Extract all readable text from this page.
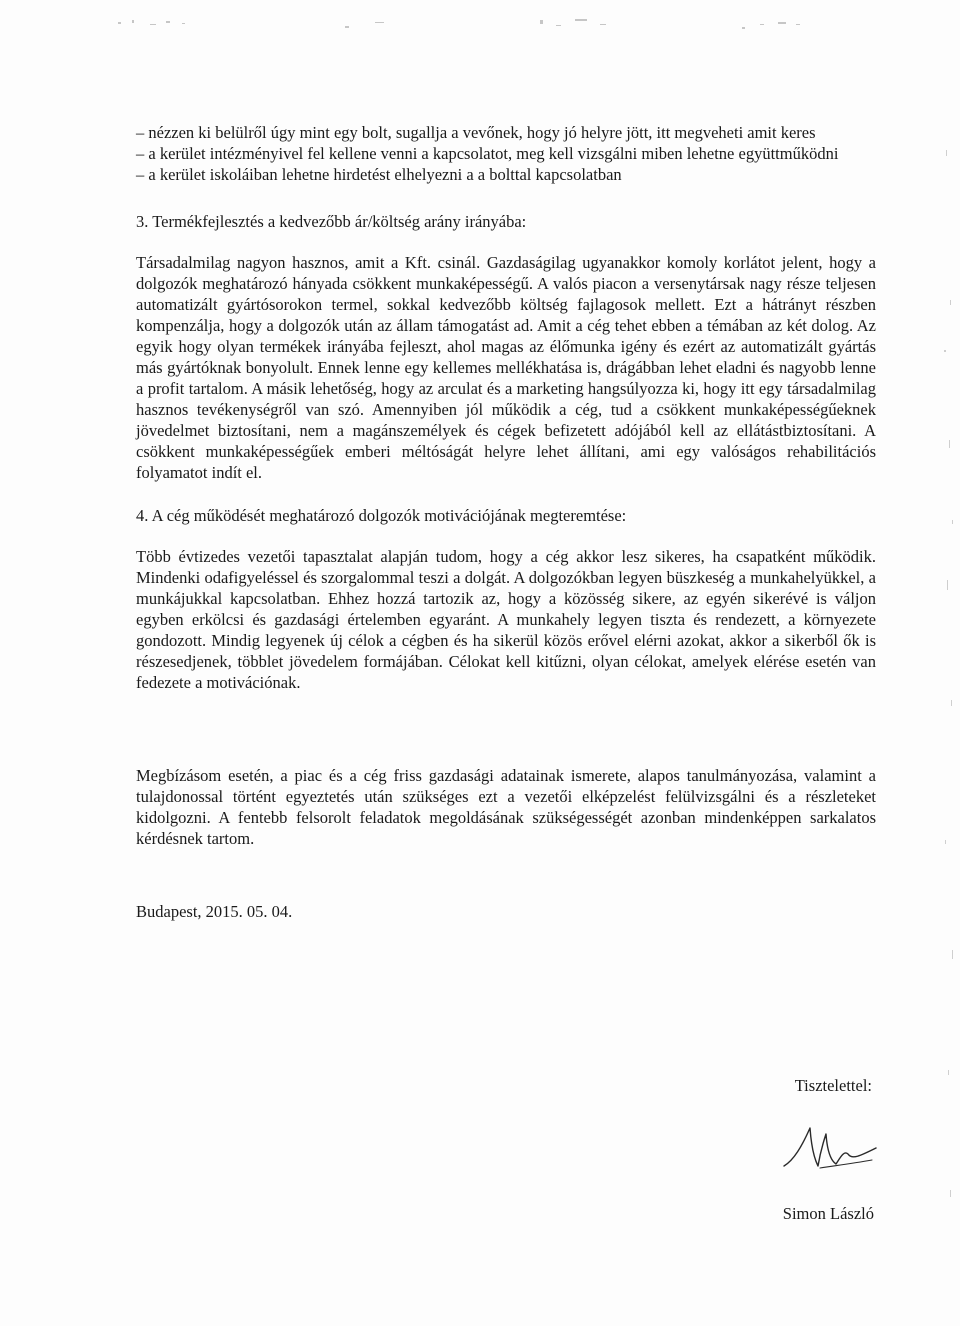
– nézzen ki belülről úgy mint egy bolt, sugallja a vevőnek, hogy jó helyre jött, itt megveheti amit keres

– a kerület intézményivel fel kellene venni a kapcsolatot, meg kell vizsgálni miben lehetne együttműködni

– a kerület iskoláiban lehetne hirdetést elhelyezni a a bolttal kapcsolatban

3. Termékfejlesztés a kedvezőbb ár/költség arány irányába:

Társadalmilag nagyon hasznos, amit a Kft. csinál. Gazdaságilag ugyanakkor komoly korlátot jelent, hogy a dolgozók meghatározó hányada csökkent munkaképességű. A valós piacon a versenytársak nagy része teljesen automatizált gyártósorokon termel, sokkal kedvezőbb költség fajlagosok mellett. Ezt a hátrányt részben kompenzálja, hogy a dolgozók után az állam támogatást ad. Amit a cég tehet ebben a témában az két dolog. Az egyik hogy olyan termékek irányába fejleszt, ahol magas az élőmunka igény és ezért az automatizált gyártás más gyártóknak bonyolult. Ennek lenne egy kellemes mellékhatása is, drágábban lehet eladni és nagyobb lenne a profit tartalom. A másik lehetőség, hogy az arculat és a marketing hangsúlyozza ki, hogy itt egy társadalmilag hasznos tevékenységről van szó. Amennyiben jól működik a cég, tud a csökkent munkaképességűeknek jövedelmet biztosítani, nem a magánszemélyek és cégek befizetett adójából kell az ellátástbiztosítani. A csökkent munkaképességűek emberi méltóságát helyre lehet állítani, ami egy valóságos rehabilitációs folyamatot indít el.

4. A cég működését meghatározó dolgozók motivációjának megteremtése:

Több évtizedes vezetői tapasztalat alapján tudom, hogy a cég akkor lesz sikeres, ha csapatként működik. Mindenki odafigyeléssel és szorgalommal teszi a dolgát. A dolgozókban legyen büszkeség a munkahelyükkel, a munkájukkal kapcsolatban. Ehhez hozzá tartozik az, hogy a közösség sikere, az egyén sikerévé is váljon egyben erkölcsi és gazdasági értelemben egyaránt. A munkahely legyen tiszta és rendezett, a környezete gondozott. Mindig legyenek új célok a cégben és ha sikerül közös erővel elérni azokat, akkor a sikerből ők is részesedjenek, többlet jövedelem formájában. Célokat kell kitűzni, olyan célokat, amelyek elérése esetén van fedezete a motivációnak.

Megbízásom esetén, a piac és a cég friss gazdasági adatainak ismerete, alapos tanulmányozása, valamint a tulajdonossal történt egyeztetés után szükséges ezt a vezetői elképzelést felülvizsgálni és a részleteket kidolgozni. A fentebb felsorolt feladatok megoldásának szükségességét azonban mindenképpen sarkalatos kérdésnek tartom.

Budapest, 2015. 05. 04.

Tisztelettel:
Simon László
